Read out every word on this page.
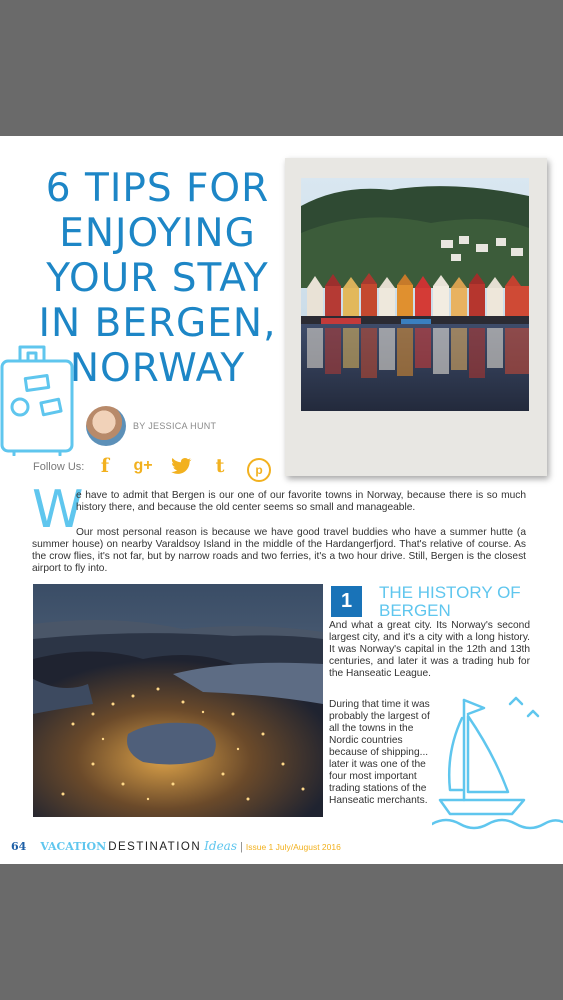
6 TIPS FOR
ENJOYING
YOUR STAY
IN BERGEN,
NORWAY
BY JESSICA HUNT
Follow Us: f	g+	t	p
W

e have to admit that Bergen is our one of our favorite towns in Norway, because there is so much history there, and because the old center seems so small and manageable.

Our most personal reason is because we have good travel buddies who have a summer hutte (a summer house) on nearby Varaldsoy Island in the middle of the Hardangerfjord. That's relative of course. As the crow flies, it's not far, but by narrow roads and two ferries, it's a two hour drive. Still, Bergen is the closest airport to fly into.

1	THE HISTORY OF BERGEN

And what a great city. Its Norway's second largest city, and it's a city with a long history. It was Norway's capital in the 12th and 13th centuries, and later it was a trading hub for the Hanseatic League.

During that time it was probably the largest of all the towns in the Nordic countries because of shipping... later it was one of the four most important trading stations of the Hanseatic merchants.

64 VACATION DESTINATION Ideas | Issue 1 July/August 2016
